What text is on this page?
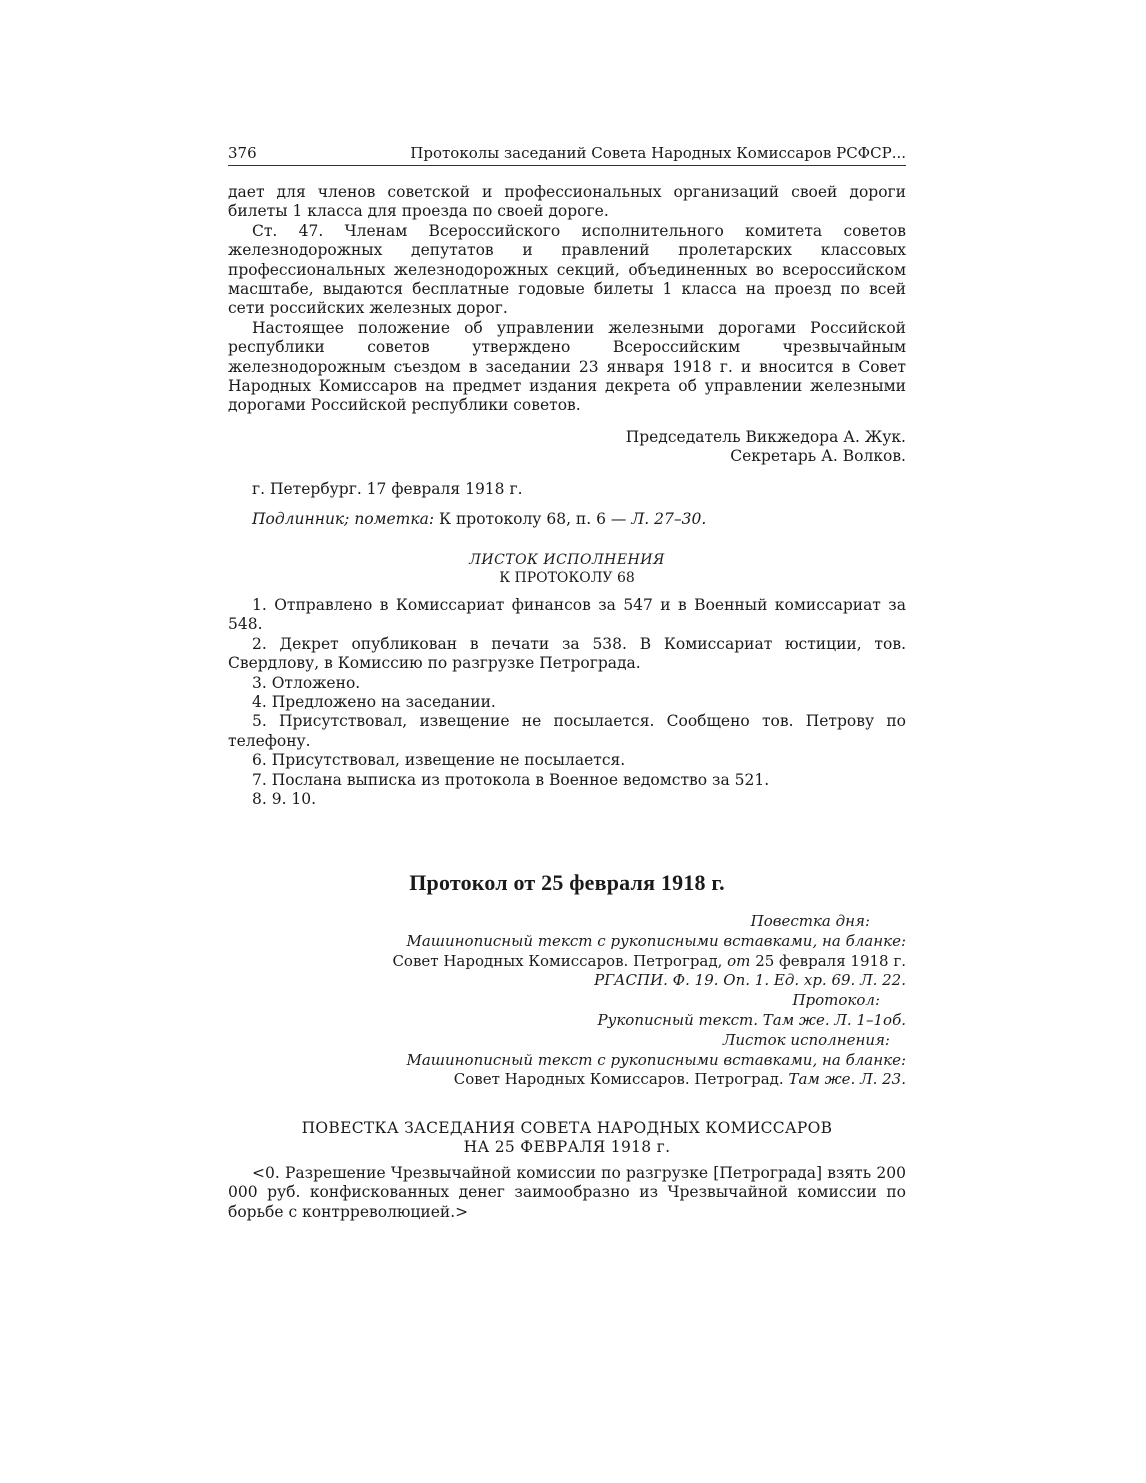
376	Протоколы заседаний Совета Народных Комиссаров РСФСР...

дает для членов советской и профессиональных организаций своей дороги билеты 1 класса для проезда по своей дороге.

Ст. 47. Членам Всероссийского исполнительного комитета советов железнодорожных депутатов и правлений пролетарских классовых профессиональных железнодорожных секций, объединенных во всероссийском масштабе, выдаются бесплатные годовые билеты 1 класса на проезд по всей сети российских железных дорог.

Настоящее положение об управлении железными дорогами Российской республики советов утверждено Всероссийским чрезвычайным железнодорожным съездом в заседании 23 января 1918 г. и вносится в Совет Народных Комиссаров на предмет издания декрета об управлении железными дорогами Российской республики советов.

Председатель Викжедора А. Жук.
Секретарь А. Волков.

г. Петербург. 17 февраля 1918 г.

Подлинник; пометка: К протоколу 68, п. 6 — Л. 27–30.

ЛИСТОК ИСПОЛНЕНИЯ
К ПРОТОКОЛУ 68

1. Отправлено в Комиссариат финансов за 547 и в Военный комиссариат за 548.

2. Декрет опубликован в печати за 538. В Комиссариат юстиции, тов. Свердлову, в Комиссию по разгрузке Петрограда.

3. Отложено.

4. Предложено на заседании.

5. Присутствовал, извещение не посылается. Сообщено тов. Петрову по телефону.

6. Присутствовал, извещение не посылается.

7. Послана выписка из протокола в Военное ведомство за 521.

8. 9. 10.

Протокол от 25 февраля 1918 г.
Повестка дня:
Машинописный текст с рукописными вставками, на бланке:
Совет Народных Комиссаров. Петроград, от 25 февраля 1918 г.
РГАСПИ. Ф. 19. Оп. 1. Ед. хр. 69. Л. 22.
Протокол:
Рукописный текст. Там же. Л. 1–1об.
Листок исполнения:
Машинописный текст с рукописными вставками, на бланке:
Совет Народных Комиссаров. Петроград. Там же. Л. 23.
ПОВЕСТКА ЗАСЕДАНИЯ СОВЕТА НАРОДНЫХ КОМИССАРОВ
НА 25 ФЕВРАЛЯ 1918 г.

<0. Разрешение Чрезвычайной комиссии по разгрузке [Петрограда] взять 200 000 руб. конфискованных денег заимообразно из Чрезвычайной комиссии по борьбе с контрреволюцией.>
